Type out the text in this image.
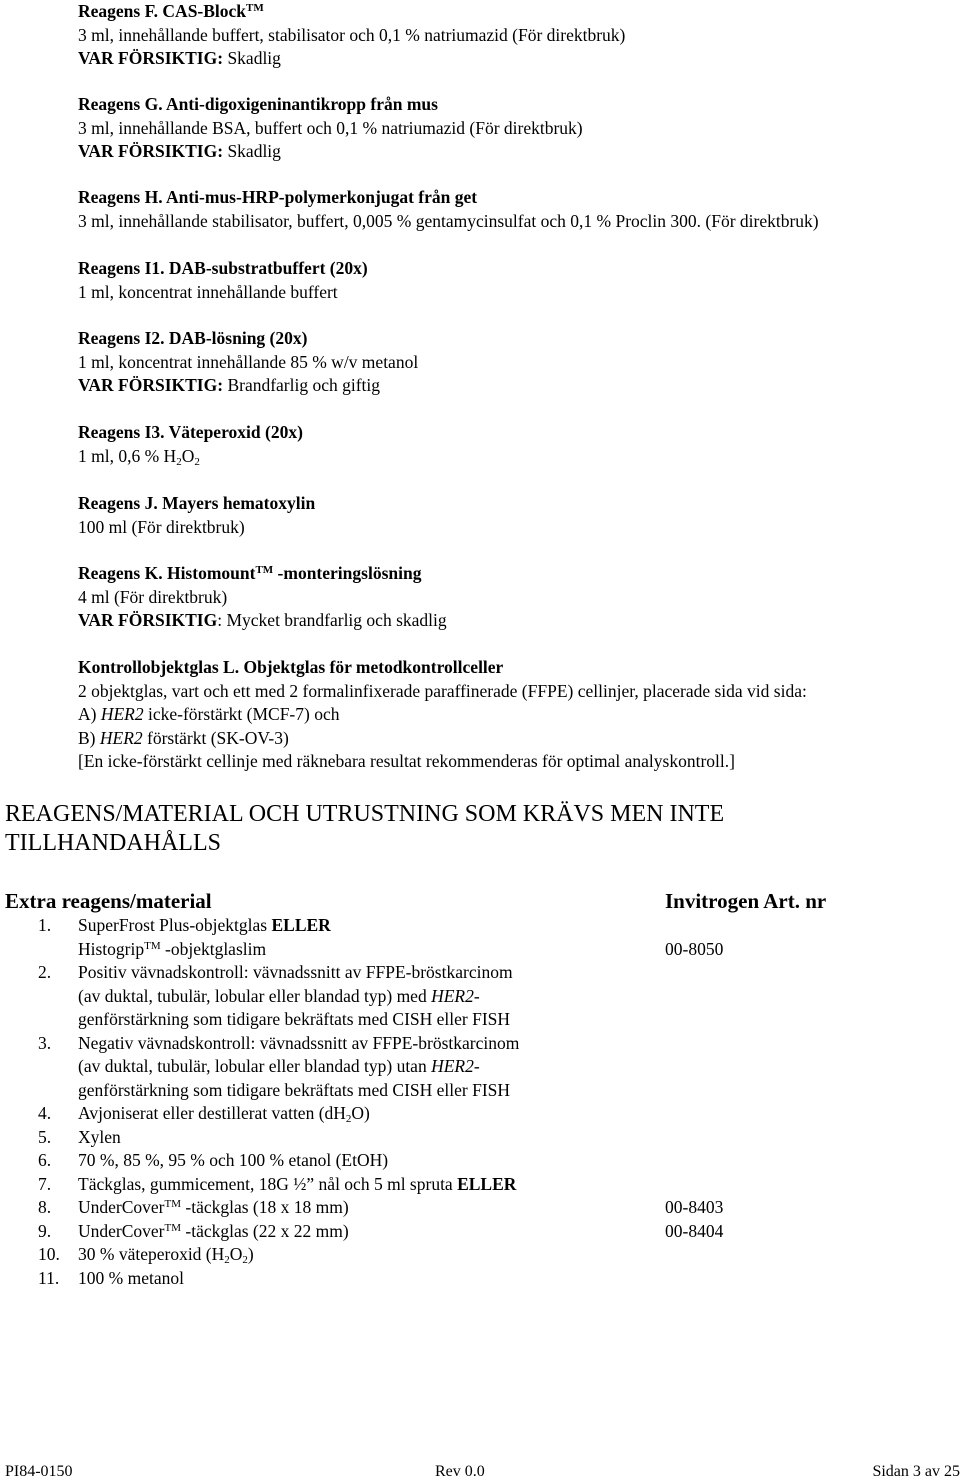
Reagens F. CAS-Block™
3 ml, innehållande buffert, stabilisator och 0,1 % natriumazid (För direktbruk)
VAR FÖRSIKTIG: Skadlig
Reagens G. Anti-digoxigeninantikropp från mus
3 ml, innehållande BSA, buffert och 0,1 % natriumazid (För direktbruk)
VAR FÖRSIKTIG: Skadlig
Reagens H. Anti-mus-HRP-polymerkonjugat från get
3 ml, innehållande stabilisator, buffert, 0,005 % gentamycinsulfat och 0,1 % Proclin 300. (För direktbruk)
Reagens I1. DAB-substratbuffert (20x)
1 ml, koncentrat innehållande buffert
Reagens I2. DAB-lösning (20x)
1 ml, koncentrat innehållande 85 % w/v metanol
VAR FÖRSIKTIG: Brandfarlig och giftig
Reagens I3. Väteperoxid (20x)
1 ml, 0,6 % $H_2O_2$
Reagens J. Mayers hematoxylin
100 ml (För direktbruk)
Reagens K. Histomount™ -monteringslösning
4 ml (För direktbruk)
VAR FÖRSIKTIG: Mycket brandfarlig och skadlig
Kontrollobjektglas L. Objektglas för metodkontrollceller
2 objektglas, vart och ett med 2 formalinfixerade paraffinerade (FFPE) cellinjer, placerade sida vid sida:
A) HER2 icke-förstärkt (MCF-7) och
B) HER2 förstärkt (SK-OV-3)
[En icke-förstärkt cellinje med räknebara resultat rekommenderas för optimal analyskontroll.]
REAGENS/MATERIAL OCH UTRUSTNING SOM KRÄVS MEN INTE TILLHANDAHÅLLS
Extra reagens/material	Invitrogen Art. nr
1. SuperFrost Plus-objektglas ELLER
Histogrip™ -objektglaslim	00-8050
2. Positiv vävnadskontroll: vävnadssnitt av FFPE-bröstkarcinom
(av duktal, tubulär, lobular eller blandad typ) med HER2-
genförstärkning som tidigare bekräftats med CISH eller FISH
3. Negativ vävnadskontroll: vävnadssnitt av FFPE-bröstkarcinom
(av duktal, tubulär, lobular eller blandad typ) utan HER2-
genförstärkning som tidigare bekräftats med CISH eller FISH
4. Avjoniserat eller destillerat vatten $(dH_2O)$
5. Xylen
6. 70 %, 85 %, 95 % och 100 % etanol (EtOH)
7. Täckglas, gummicement, 18G ½” nål och 5 ml spruta ELLER
8. UnderCover™ -täckglas (18 x 18 mm)	00-8403
9. UnderCover™ -täckglas (22 x 22 mm)	00-8404
10. 30 % väteperoxid $(H_2O_2)$
11. 100 % metanol
PI84-0150	Rev 0.0	Sidan 3 av 25
